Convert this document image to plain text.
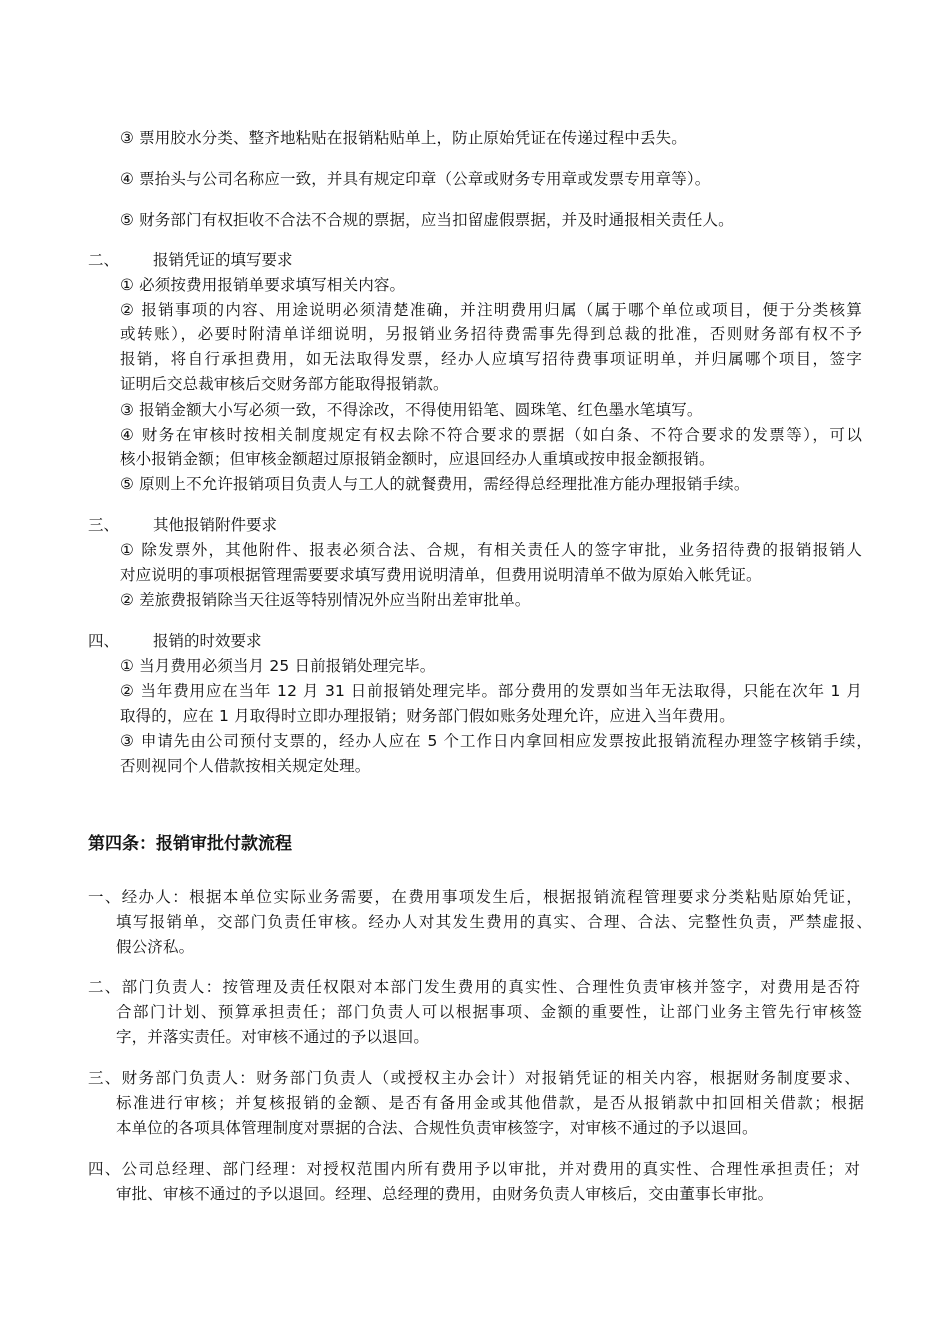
③ 票用胶水分类、整齐地粘贴在报销粘贴单上，防止原始凭证在传递过程中丢失。
④ 票抬头与公司名称应一致，并具有规定印章（公章或财务专用章或发票专用章等）。
⑤ 财务部门有权拒收不合法不合规的票据，应当扣留虚假票据，并及时通报相关责任人。
二、 报销凭证的填写要求
① 必须按费用报销单要求填写相关内容。
② 报销事项的内容、用途说明必须清楚准确，并注明费用归属（属于哪个单位或项目，便于分类核算
或转账），必要时附清单详细说明，另报销业务招待费需事先得到总裁的批准，否则财务部有权不予
报销，将自行承担费用，如无法取得发票，经办人应填写招待费事项证明单，并归属哪个项目，签字
证明后交总裁审核后交财务部方能取得报销款。
③ 报销金额大小写必须一致，不得涂改，不得使用铅笔、圆珠笔、红色墨水笔填写。
④ 财务在审核时按相关制度规定有权去除不符合要求的票据（如白条、不符合要求的发票等），可以
核小报销金额；但审核金额超过原报销金额时，应退回经办人重填或按申报金额报销。
⑤ 原则上不允许报销项目负责人与工人的就餐费用，需经得总经理批准方能办理报销手续。
三、 其他报销附件要求
① 除发票外，其他附件、报表必须合法、合规，有相关责任人的签字审批，业务招待费的报销报销人
对应说明的事项根据管理需要要求填写费用说明清单，但费用说明清单不做为原始入帐凭证。
② 差旅费报销除当天往返等特别情况外应当附出差审批单。
四、 报销的时效要求
① 当月费用必须当月 25 日前报销处理完毕。
② 当年费用应在当年 12 月 31 日前报销处理完毕。部分费用的发票如当年无法取得，只能在次年 1 月
取得的，应在 1 月取得时立即办理报销；财务部门假如账务处理允许，应进入当年费用。
③ 申请先由公司预付支票的，经办人应在 5 个工作日内拿回相应发票按此报销流程办理签字核销手续，
否则视同个人借款按相关规定处理。
第四条：报销审批付款流程
一、经办人：根据本单位实际业务需要，在费用事项发生后，根据报销流程管理要求分类粘贴原始凭证，
填写报销单，交部门负责任审核。经办人对其发生费用的真实、合理、合法、完整性负责，严禁虚报、
假公济私。
二、部门负责人：按管理及责任权限对本部门发生费用的真实性、合理性负责审核并签字，对费用是否符
合部门计划、预算承担责任；部门负责人可以根据事项、金额的重要性，让部门业务主管先行审核签
字，并落实责任。对审核不通过的予以退回。
三、财务部门负责人：财务部门负责人（或授权主办会计）对报销凭证的相关内容，根据财务制度要求、
标准进行审核；并复核报销的金额、是否有备用金或其他借款，是否从报销款中扣回相关借款；根据
本单位的各项具体管理制度对票据的合法、合规性负责审核签字，对审核不通过的予以退回。
四、公司总经理、部门经理：对授权范围内所有费用予以审批，并对费用的真实性、合理性承担责任；对
审批、审核不通过的予以退回。经理、总经理的费用，由财务负责人审核后，交由董事长审批。
